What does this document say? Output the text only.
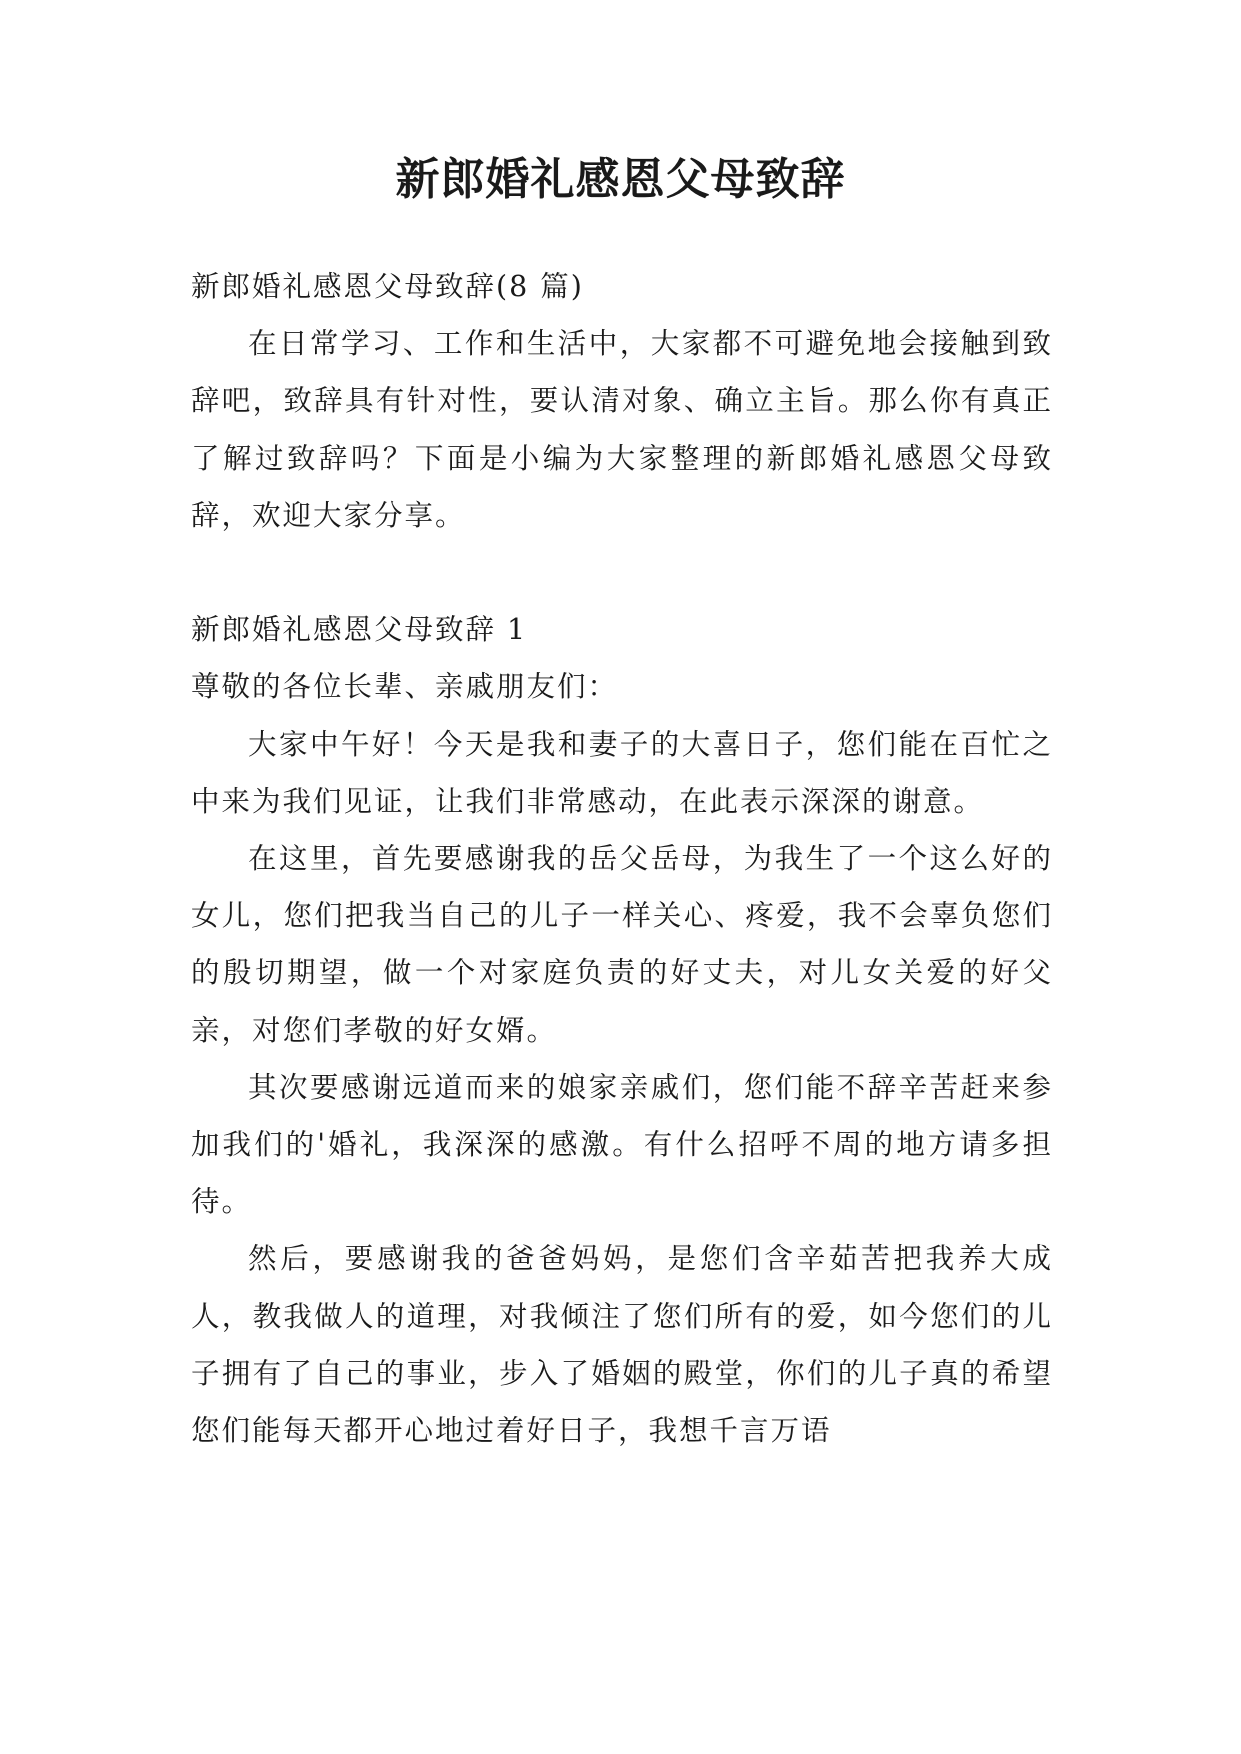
新郎婚礼感恩父母致辞

新郎婚礼感恩父母致辞(8 篇)

在日常学习、工作和生活中，大家都不可避免地会接触到致辞吧，致辞具有针对性，要认清对象、确立主旨。那么你有真正了解过致辞吗？下面是小编为大家整理的新郎婚礼感恩父母致辞，欢迎大家分享。

新郎婚礼感恩父母致辞 1

尊敬的各位长辈、亲戚朋友们：

大家中午好！今天是我和妻子的大喜日子，您们能在百忙之中来为我们见证，让我们非常感动，在此表示深深的谢意。

在这里，首先要感谢我的岳父岳母，为我生了一个这么好的女儿，您们把我当自己的儿子一样关心、疼爱，我不会辜负您们的殷切期望，做一个对家庭负责的好丈夫，对儿女关爱的好父亲，对您们孝敬的好女婿。

其次要感谢远道而来的娘家亲戚们，您们能不辞辛苦赶来参加我们的'婚礼，我深深的感激。有什么招呼不周的地方请多担待。

然后，要感谢我的爸爸妈妈，是您们含辛茹苦把我养大成人，教我做人的道理，对我倾注了您们所有的爱，如今您们的儿子拥有了自己的事业，步入了婚姻的殿堂，你们的儿子真的希望您们能每天都开心地过着好日子，我想千言万语
